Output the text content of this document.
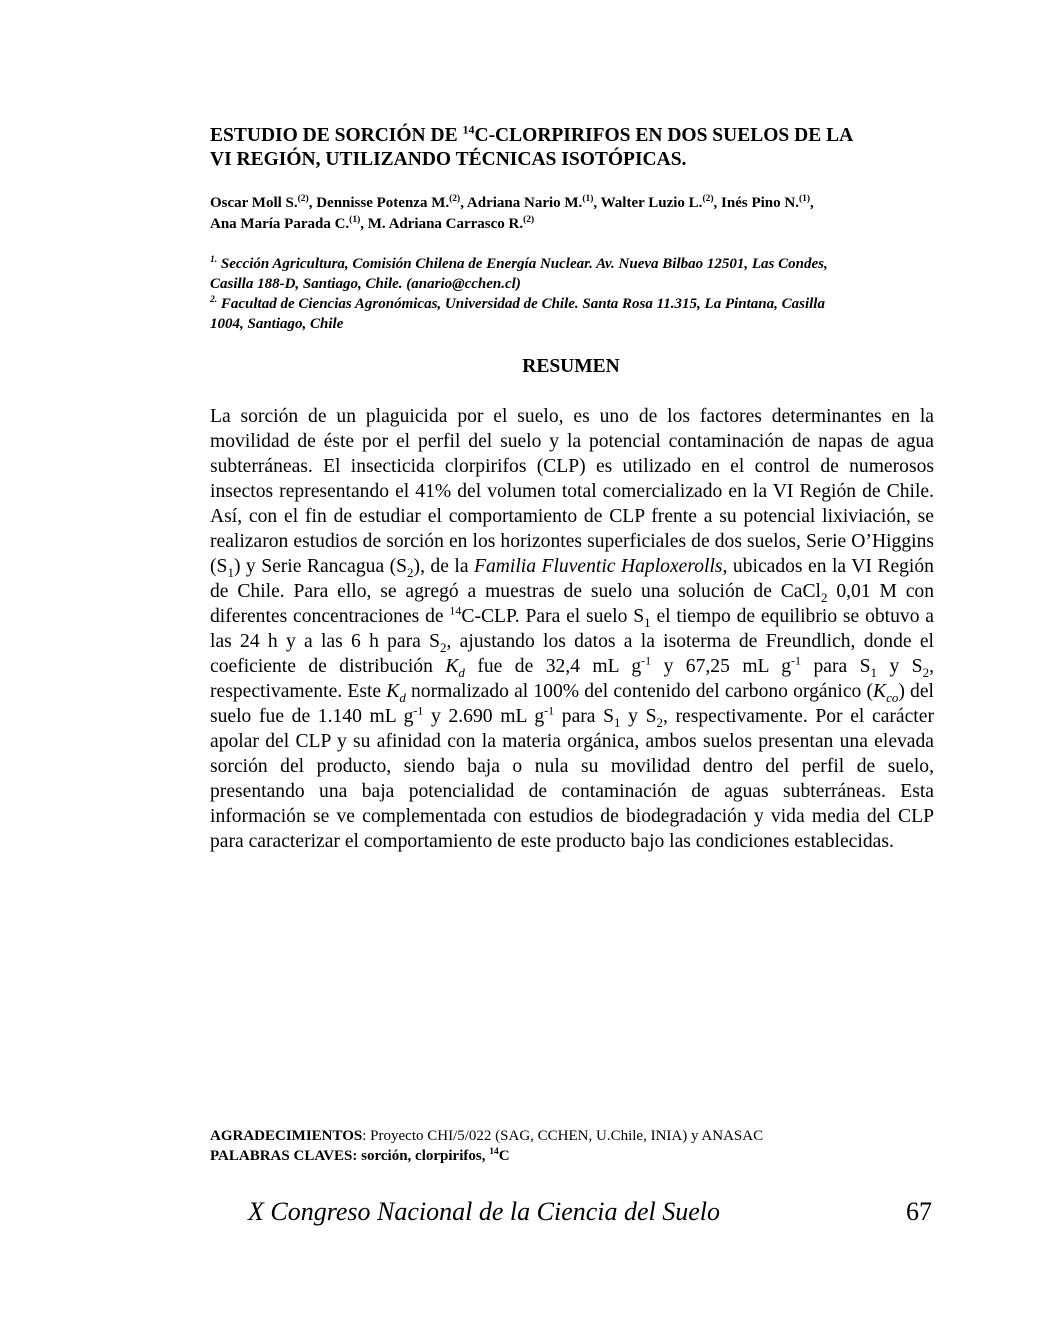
ESTUDIO DE SORCIÓN DE $^{14}$C-CLORPIRIFOS EN DOS SUELOS DE LA
VI REGIÓN, UTILIZANDO TÉCNICAS ISOTÓPICAS.

Oscar Moll S.$^{(2)}$, Dennisse Potenza M.$^{(2)}$, Adriana Nario M.$^{(1)}$, Walter Luzio L.$^{(2)}$, Inés Pino N.$^{(1)}$,
Ana María Parada C.$^{(1)}$, M. Adriana Carrasco R.$^{(2)}$

$^{1.}$ Sección Agricultura, Comisión Chilena de Energía Nuclear. Av. Nueva Bilbao 12501, Las Condes,
Casilla 188-D, Santiago, Chile. (anario@cchen.cl)

$^{2.}$ Facultad de Ciencias Agronómicas, Universidad de Chile. Santa Rosa 11.315, La Pintana, Casilla
1004, Santiago, Chile

RESUMEN

La sorción de un plaguicida por el suelo, es uno de los factores determinantes en la movilidad de éste por el perfil del suelo y la potencial contaminación de napas de agua subterráneas. El insecticida clorpirifos (CLP) es utilizado en el control de numerosos insectos representando el 41% del volumen total comercializado en la VI Región de Chile. Así, con el fin de estudiar el comportamiento de CLP frente a su potencial lixiviación, se realizaron estudios de sorción en los horizontes superficiales de dos suelos, Serie O’Higgins $(S_1)$ y Serie Rancagua $(S_2)$, de la Familia Fluventic Haploxerolls, ubicados en la VI Región de Chile. Para ello, se agregó a muestras de suelo una solución de CaCl$_2$ 0,01 M con diferentes concentraciones de $^{14}$C-CLP. Para el suelo $S_1$ el tiempo de equilibrio se obtuvo a las 24 h y a las 6 h para $S_2$, ajustando los datos a la isoterma de Freundlich, donde el coeficiente de distribución $K_d$ fue de 32,4 mL $g^{-1}$ y 67,25 mL $g^{-1}$ para $S_1$ y $S_2$, respectivamente. Este $K_d$ normalizado al 100% del contenido del carbono orgánico $(K_{co})$ del suelo fue de 1.140 mL $g^{-1}$ y 2.690 mL $g^{-1}$ para $S_1$ y $S_2$, respectivamente. Por el carácter apolar del CLP y su afinidad con la materia orgánica, ambos suelos presentan una elevada sorción del producto, siendo baja o nula su movilidad dentro del perfil de suelo, presentando una baja potencialidad de contaminación de aguas subterráneas. Esta información se ve complementada con estudios de biodegradación y vida media del CLP para caracterizar el comportamiento de este producto bajo las condiciones establecidas.

AGRADECIMIENTOS: Proyecto CHI/5/022 (SAG, CCHEN, U.Chile, INIA) y ANASAC

PALABRAS CLAVES: sorción, clorpirifos, $^{14}$C

X Congreso Nacional de la Ciencia del Suelo	67
